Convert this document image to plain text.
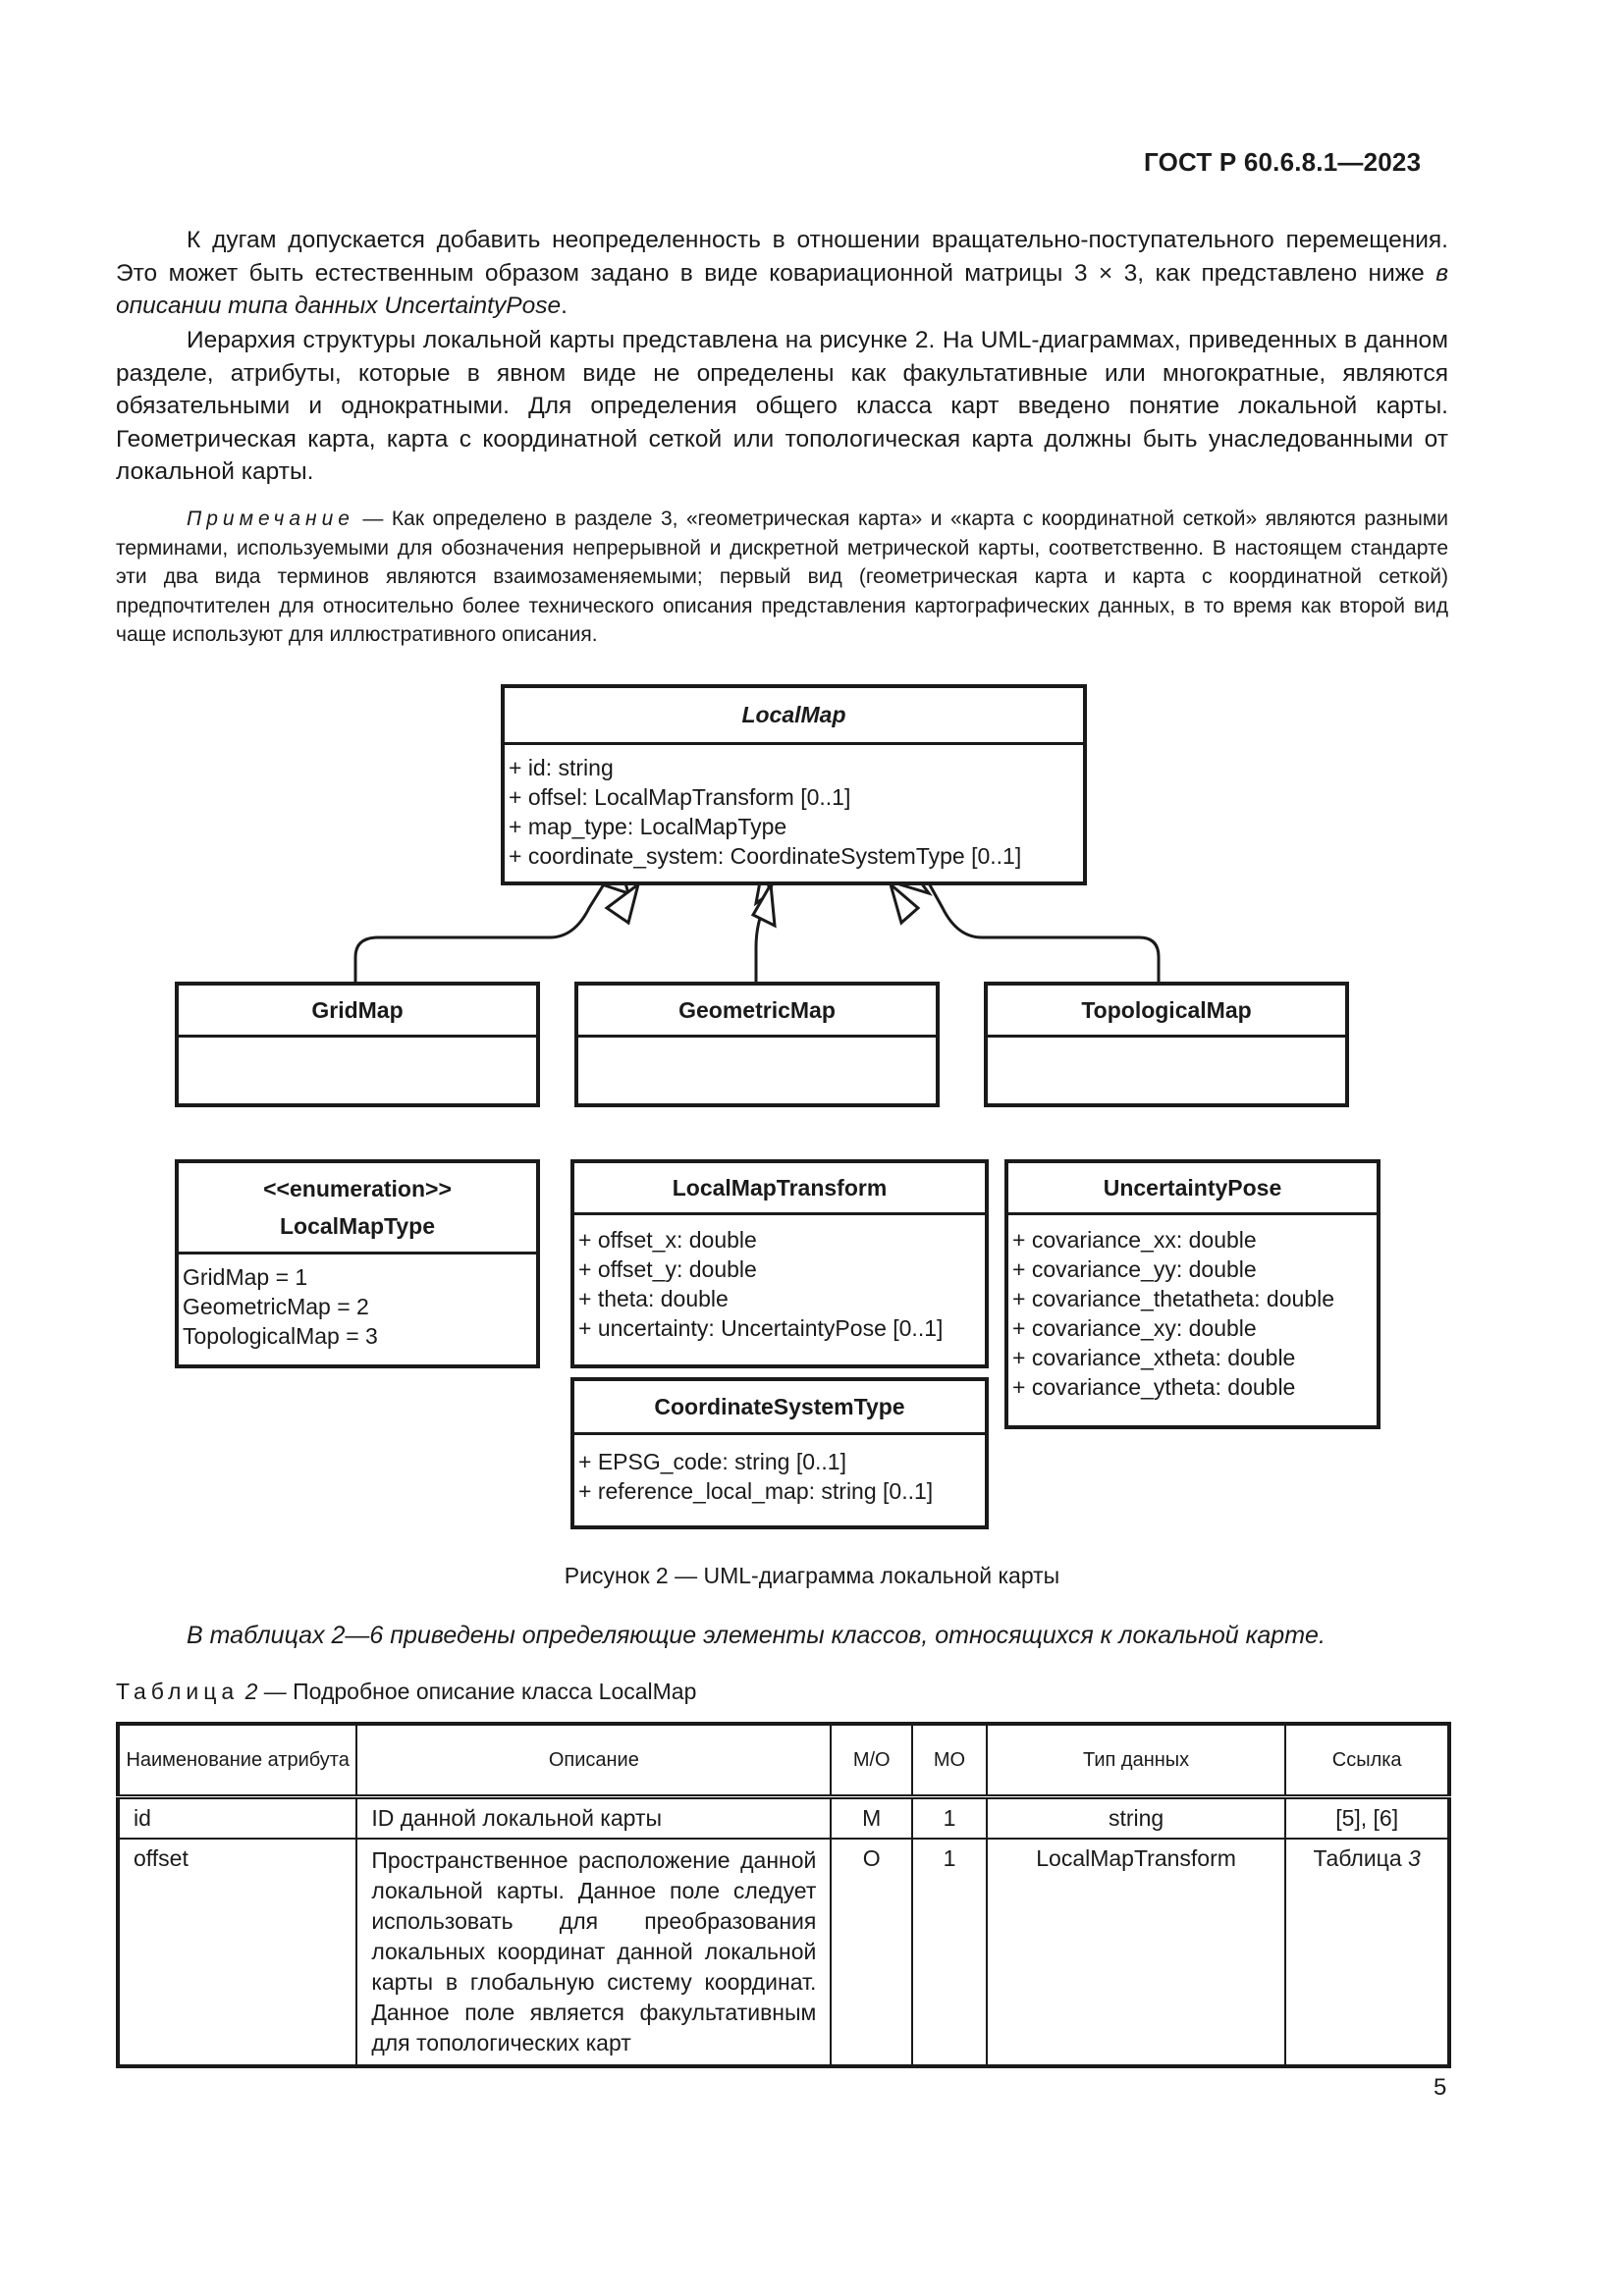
ГОСТ Р 60.6.8.1—2023
К дугам допускается добавить неопределенность в отношении вращательно-поступательного перемещения. Это может быть естественным образом задано в виде ковариационной матрицы 3 × 3, как представлено ниже в описании типа данных UncertaintyPose.
Иерархия структуры локальной карты представлена на рисунке 2. На UML-диаграммах, приведенных в данном разделе, атрибуты, которые в явном виде не определены как факультативные или многократные, являются обязательными и однократными. Для определения общего класса карт введено понятие локальной карты. Геометрическая карта, карта с координатной сеткой или топологическая карта должны быть унаследованными от локальной карты.
Примечание — Как определено в разделе 3, «геометрическая карта» и «карта с координатной сеткой» являются разными терминами, используемыми для обозначения непрерывной и дискретной метрической карты, соответственно. В настоящем стандарте эти два вида терминов являются взаимозаменяемыми; первый вид (геометрическая карта и карта с координатной сеткой) предпочтителен для относительно более технического описания представления картографических данных, в то время как второй вид чаще используют для иллюстративного описания.
LocalMap
+ id: string
+ offsel: LocalMapTransform [0..1]
+ map_type: LocalMapType
+ coordinate_system: CoordinateSystemType [0..1]
GridMap	GeometricMap	TopologicalMap
<<enumeration>>
LocalMapType
GridMap = 1
GeometricMap = 2
TopologicalMap = 3
LocalMapTransform
+ offset_x: double
+ offset_y: double
+ theta: double
+ uncertainty: UncertaintyPose [0..1]
UncertaintyPose
+ covariance_xx: double
+ covariance_yy: double
+ covariance_thetatheta: double
+ covariance_xy: double
+ covariance_xtheta: double
+ covariance_ytheta: double
CoordinateSystemType
+ EPSG_code: string [0..1]
+ reference_local_map: string [0..1]
Рисунок 2 — UML-диаграмма локальной карты
В таблицах 2—6 приведены определяющие элементы классов, относящихся к локальной карте.
Таблица 2 — Подробное описание класса LocalMap
Наименование атрибута	Описание	М/О	МО	Тип данных	Ссылка
id	ID данной локальной карты	M	1	string	[5], [6]
offset	Пространственное расположение данной локальной карты. Данное поле следует использовать для преобразования локальных координат данной локальной карты в глобальную систему координат. Данное поле является факультативным для топологических карт	O	1	LocalMapTransform	Таблица 3
5
